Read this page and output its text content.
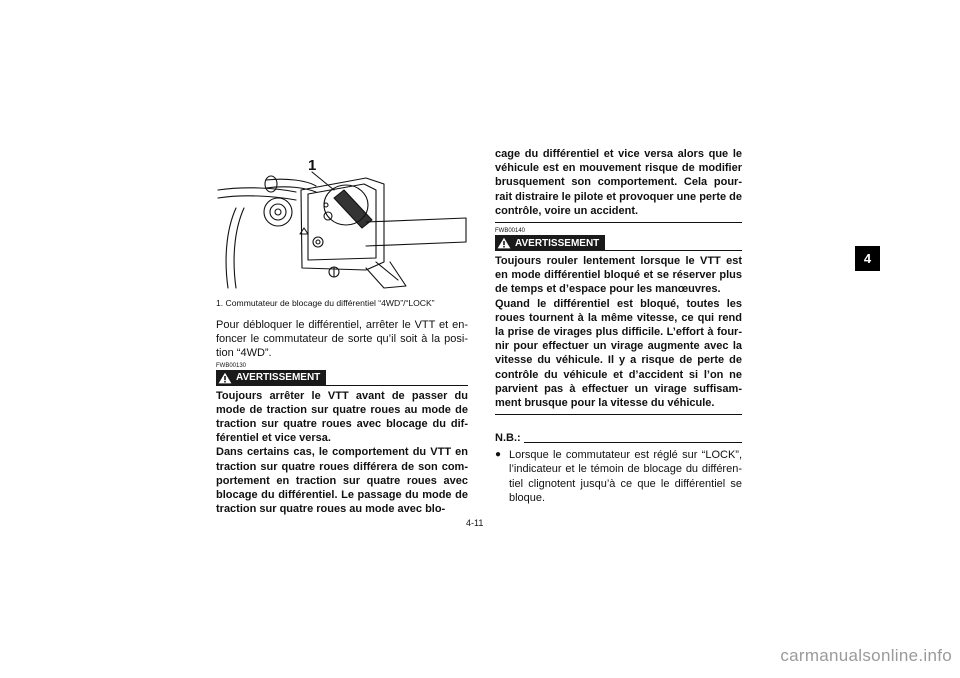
1
1. Commutateur de blocage du différentiel “4WD”/“LOCK”

Pour débloquer le différentiel, arrêter le VTT et en-foncer le commutateur de sorte qu’il soit à la posi-tion “4WD”.

FWB00130

AVERTISSEMENT

Toujours arrêter le VTT avant de passer du mode de traction sur quatre roues au mode de traction sur quatre roues avec blocage du dif-férentiel et vice versa.
Dans certains cas, le comportement du VTT en traction sur quatre roues différera de son com-portement en traction sur quatre roues avec blocage du différentiel. Le passage du mode de traction sur quatre roues au mode avec blo-

cage du différentiel et vice versa alors que le véhicule est en mouvement risque de modifier brusquement son comportement. Cela pour-rait distraire le pilote et provoquer une perte de contrôle, voire un accident.

FWB00140

AVERTISSEMENT

Toujours rouler lentement lorsque le VTT est en mode différentiel bloqué et se réserver plus de temps et d’espace pour les manœuvres.
Quand le différentiel est bloqué, toutes les roues tournent à la même vitesse, ce qui rend la prise de virages plus difficile. L’effort à four-nir pour effectuer un virage augmente avec la vitesse du véhicule. Il y a risque de perte de contrôle du véhicule et d’accident si l’on ne parvient pas à effectuer un virage suffisam-ment brusque pour la vitesse du véhicule.

N.B.:
● Lorsque le commutateur est réglé sur “LOCK”, l’indicateur et le témoin de blocage du différen-tiel clignotent jusqu’à ce que le différentiel se bloque.

4-11
4
carmanualsonline.info
